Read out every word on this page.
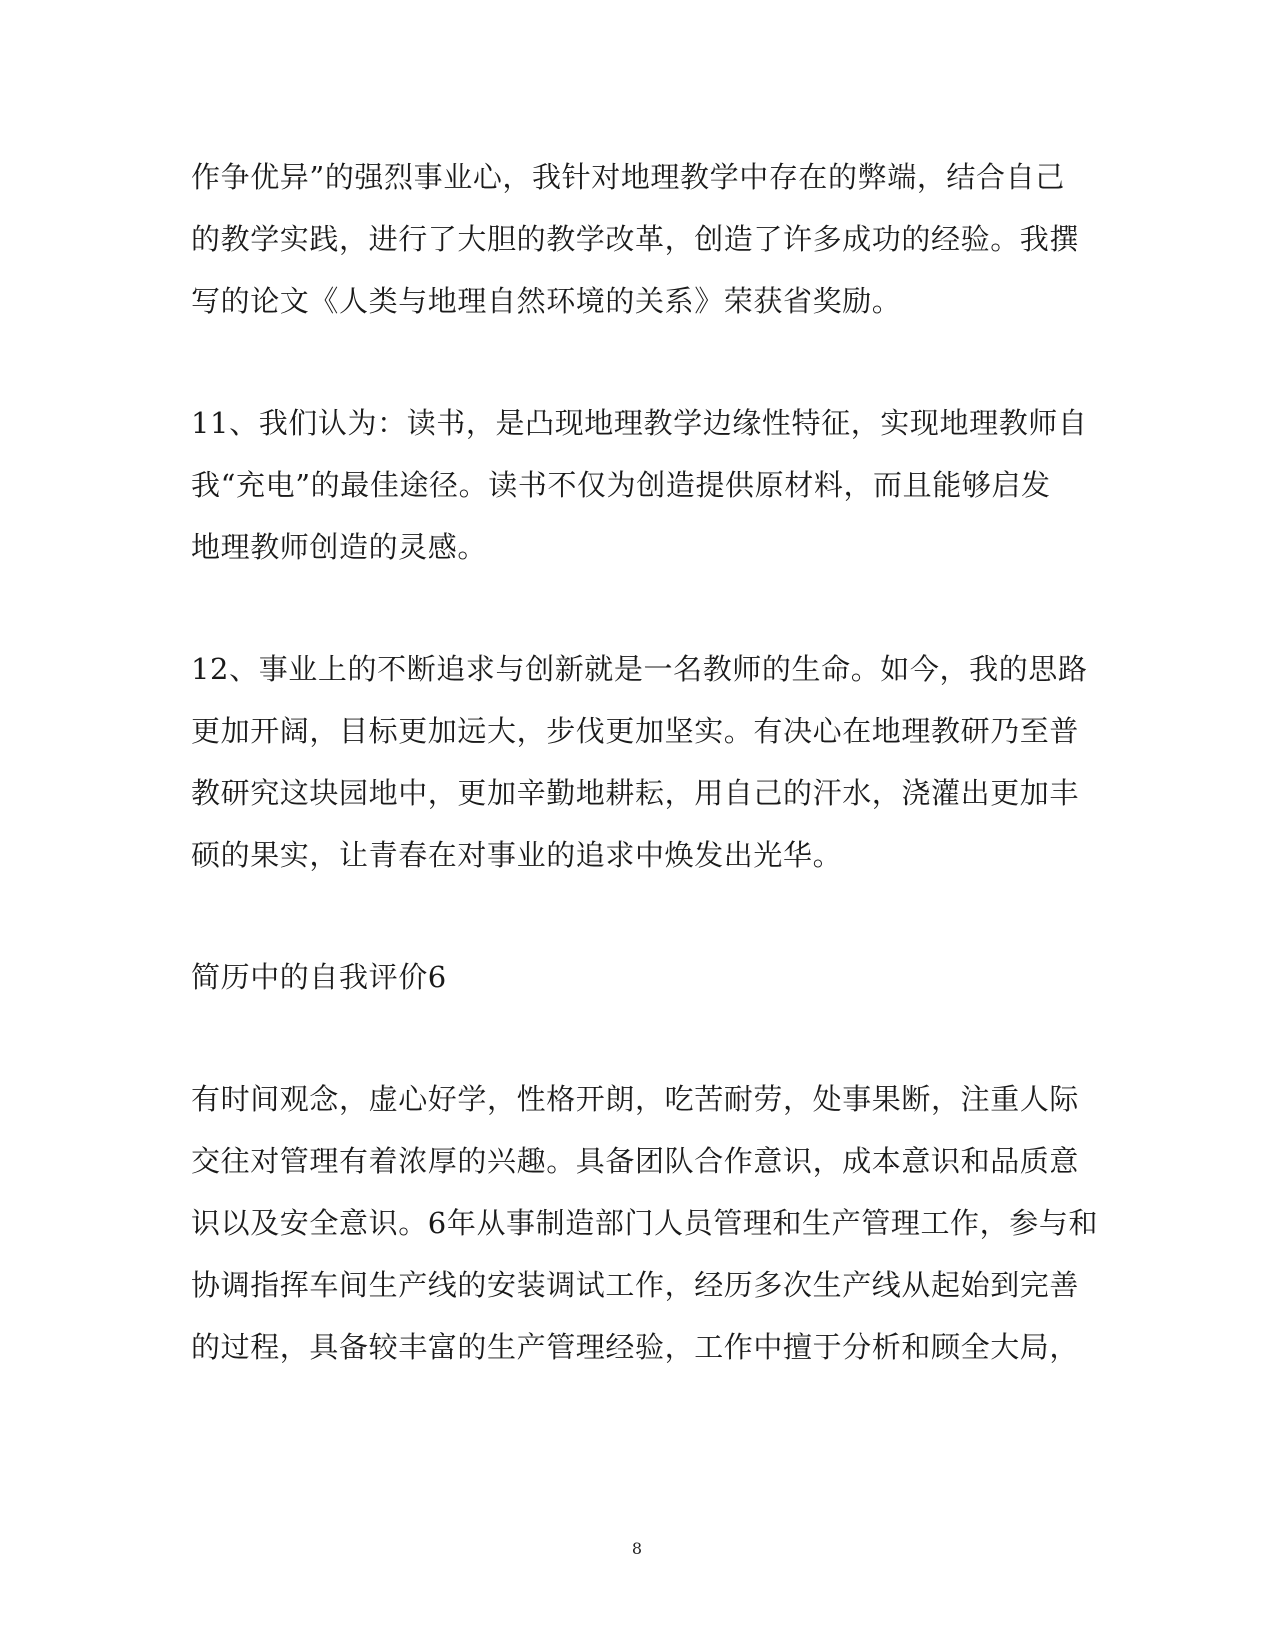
作争优异”的强烈事业心，我针对地理教学中存在的弊端，结合自己
的教学实践，进行了大胆的教学改革，创造了许多成功的经验。我撰
写的论文《人类与地理自然环境的关系》荣获省奖励。
11、我们认为：读书，是凸现地理教学边缘性特征，实现地理教师自
我“充电”的最佳途径。读书不仅为创造提供原材料，而且能够启发
地理教师创造的灵感。
12、事业上的不断追求与创新就是一名教师的生命。如今，我的思路
更加开阔，目标更加远大，步伐更加坚实。有决心在地理教研乃至普
教研究这块园地中，更加辛勤地耕耘，用自己的汗水，浇灌出更加丰
硕的果实，让青春在对事业的追求中焕发出光华。
简历中的自我评价6
有时间观念，虚心好学，性格开朗，吃苦耐劳，处事果断，注重人际
交往对管理有着浓厚的兴趣。具备团队合作意识，成本意识和品质意
识以及安全意识。6年从事制造部门人员管理和生产管理工作，参与和
协调指挥车间生产线的安装调试工作，经历多次生产线从起始到完善
的过程，具备较丰富的生产管理经验，工作中擅于分析和顾全大局，
8
